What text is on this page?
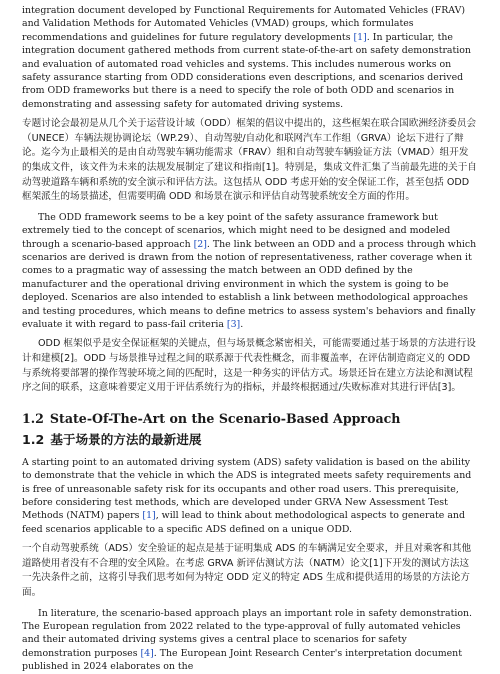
integration document developed by Functional Requirements for Automated Vehicles (FRAV) and Validation Methods for Automated Vehicles (VMAD) groups, which formulates recommendations and guidelines for future regulatory developments [1]. In particular, the integration document gathered methods from current state-of-the-art on safety demonstration and evaluation of automated road vehicles and systems. This includes numerous works on safety assurance starting from ODD considerations even descriptions, and scenarios derived from ODD frameworks but there is a need to specify the role of both ODD and scenarios in demonstrating and assessing safety for automated driving systems.

专题讨论会最初是从几个关于运营设计域（ODD）框架的倡议中提出的，这些框架在联合国欧洲经济委员会（UNECE）车辆法规协调论坛（WP.29）、自动驾驶/自动化和联网汽车工作组（GRVA）论坛下进行了辩论。迄今为止最相关的是由自动驾驶车辆功能需求（FRAV）组和自动驾驶车辆验证方法（VMAD）组开发的集成文件，该文件为未来的法规发展制定了建议和指南[1]。特别是，集成文件汇集了当前最先进的关于自动驾驶道路车辆和系统的安全演示和评估方法。这包括从 ODD 考虑开始的安全保证工作，甚至包括 ODD 框架派生的场景描述，但需要明确 ODD 和场景在演示和评估自动驾驶系统安全方面的作用。

The ODD framework seems to be a key point of the safety assurance framework but extremely tied to the concept of scenarios, which might need to be designed and modeled through a scenario-based approach [2]. The link between an ODD and a process through which scenarios are derived is drawn from the notion of representativeness, rather coverage when it comes to a pragmatic way of assessing the match between an ODD defined by the manufacturer and the operational driving environment in which the system is going to be deployed. Scenarios are also intended to establish a link between methodological approaches and testing procedures, which means to define metrics to assess system's behaviors and finally evaluate it with regard to pass-fail criteria [3].

ODD 框架似乎是安全保证框架的关键点，但与场景概念紧密相关，可能需要通过基于场景的方法进行设计和建模[2]。ODD 与场景推导过程之间的联系源于代表性概念，而非覆盖率，在评估制造商定义的 ODD 与系统将要部署的操作驾驶环境之间的匹配时，这是一种务实的评估方式。场景还旨在建立方法论和测试程序之间的联系，这意味着要定义用于评估系统行为的指标，并最终根据通过/失败标准对其进行评估[3]。

1.2 State-Of-The-Art on the Scenario-Based Approach
1.2 基于场景的方法的最新进展

A starting point to an automated driving system (ADS) safety validation is based on the ability to demonstrate that the vehicle in which the ADS is integrated meets safety requirements and is free of unreasonable safety risk for its occupants and other road users. This prerequisite, before considering test methods, which are developed under GRVA New Assessment Test Methods (NATM) papers [1], will lead to think about methodological aspects to generate and feed scenarios applicable to a specific ADS defined on a unique ODD.

一个自动驾驶系统（ADS）安全验证的起点是基于证明集成 ADS 的车辆满足安全要求，并且对乘客和其他道路使用者没有不合理的安全风险。在考虑 GRVA 新评估测试方法（NATM）论文[1]下开发的测试方法这一先决条件之前，这将引导我们思考如何为特定 ODD 定义的特定 ADS 生成和提供适用的场景的方法论方面。

In literature, the scenario-based approach plays an important role in safety demonstration. The European regulation from 2022 related to the type-approval of fully automated vehicles and their automated driving systems gives a central place to scenarios for safety demonstration purposes [4]. The European Joint Research Center's interpretation document published in 2024 elaborates on the
